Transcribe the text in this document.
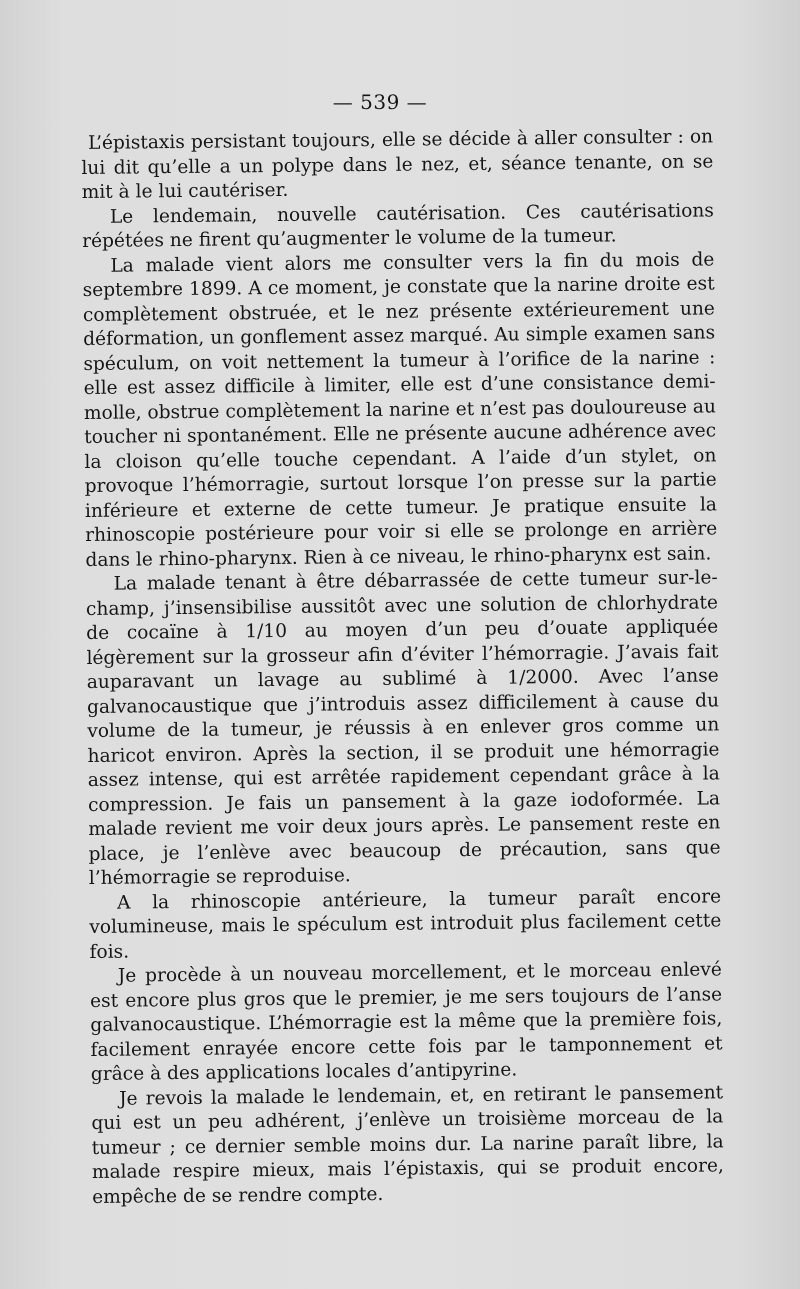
— 539 —

L’épistaxis persistant toujours, elle se décide à aller consulter : on lui dit qu’elle a un polype dans le nez, et, séance tenante, on se mit à le lui cautériser.

Le lendemain, nouvelle cautérisation. Ces cautérisations répétées ne firent qu’augmenter le volume de la tumeur.

La malade vient alors me consulter vers la fin du mois de septembre 1899. A ce moment, je constate que la narine droite est complètement obstruée, et le nez présente extérieurement une déformation, un gonflement assez marqué. Au simple examen sans spéculum, on voit nettement la tumeur à l’orifice de la narine : elle est assez difficile à limiter, elle est d’une consistance demi-molle, obstrue complètement la narine et n’est pas douloureuse au toucher ni spontanément. Elle ne présente aucune adhérence avec la cloison qu’elle touche cependant. A l’aide d’un stylet, on provoque l’hémorragie, surtout lorsque l’on presse sur la partie inférieure et externe de cette tumeur. Je pratique ensuite la rhinoscopie postérieure pour voir si elle se prolonge en arrière dans le rhino-pharynx. Rien à ce niveau, le rhino-pharynx est sain.

La malade tenant à être débarrassée de cette tumeur sur-le-champ, j’insensibilise aussitôt avec une solution de chlorhydrate de cocaïne à 1/10 au moyen d’un peu d’ouate appliquée légèrement sur la grosseur afin d’éviter l’hémorragie. J’avais fait auparavant un lavage au sublimé à 1/2000. Avec l’anse galvanocaustique que j’introduis assez difficilement à cause du volume de la tumeur, je réussis à en enlever gros comme un haricot environ. Après la section, il se produit une hémorragie assez intense, qui est arrêtée rapidement cependant grâce à la compression. Je fais un pansement à la gaze iodoformée. La malade revient me voir deux jours après. Le pansement reste en place, je l’enlève avec beaucoup de précaution, sans que l’hémorragie se reproduise.

A la rhinoscopie antérieure, la tumeur paraît encore volumineuse, mais le spéculum est introduit plus facilement cette fois.

Je procède à un nouveau morcellement, et le morceau enlevé est encore plus gros que le premier, je me sers toujours de l’anse galvanocaustique. L’hémorragie est la même que la première fois, facilement enrayée encore cette fois par le tamponnement et grâce à des applications locales d’antipyrine.

Je revois la malade le lendemain, et, en retirant le pansement qui est un peu adhérent, j’enlève un troisième morceau de la tumeur ; ce dernier semble moins dur. La narine paraît libre, la malade respire mieux, mais l’épistaxis, qui se produit encore, empêche de se rendre compte.
